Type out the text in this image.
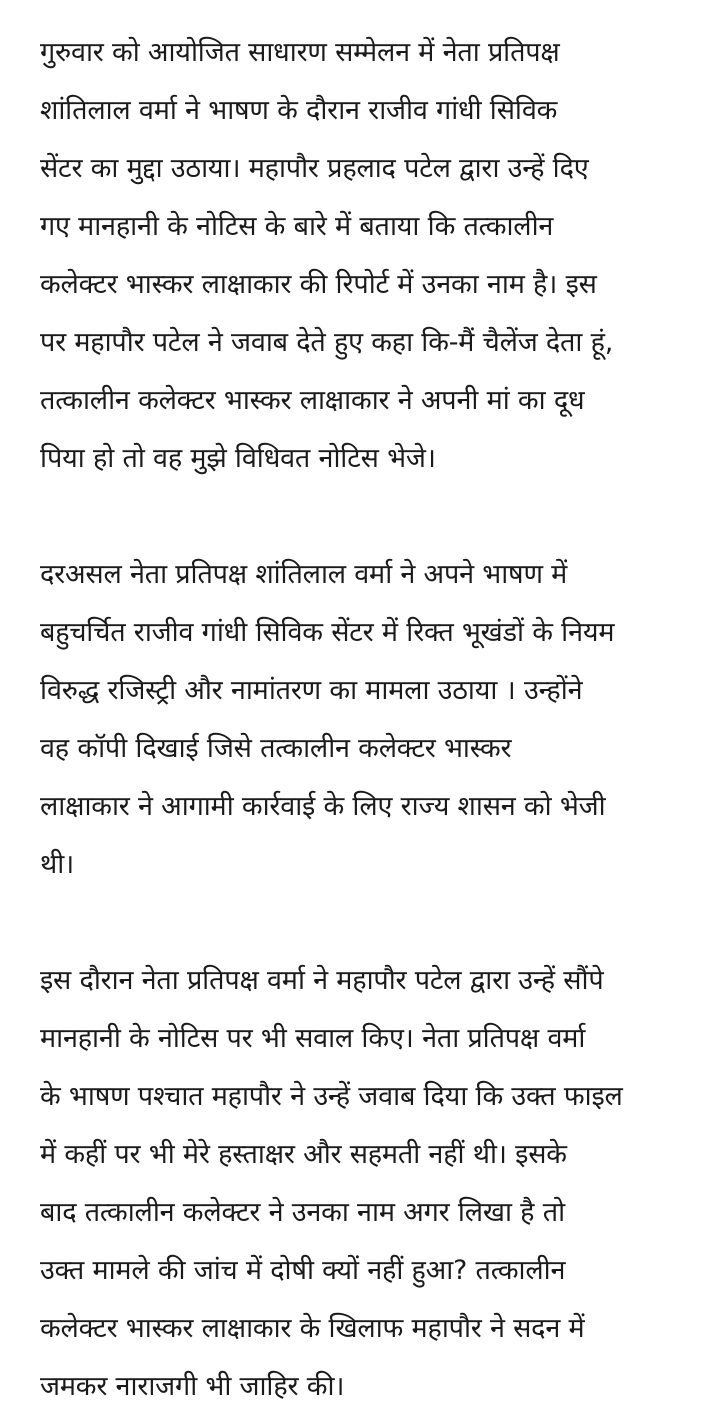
गुरुवार को आयोजित साधारण सम्मेलन में नेता प्रतिपक्ष
शांतिलाल वर्मा ने भाषण के दौरान राजीव गांधी सिविक
सेंटर का मुद्दा उठाया। महापौर प्रहलाद पटेल द्वारा उन्हें दिए
गए मानहानी के नोटिस के बारे में बताया कि तत्कालीन
कलेक्टर भास्कर लाक्षाकार की रिपोर्ट में उनका नाम है। इस
पर महापौर पटेल ने जवाब देते हुए कहा कि-मैं चैलेंज देता हूं,
तत्कालीन कलेक्टर भास्कर लाक्षाकार ने अपनी मां का दूध
पिया हो तो वह मुझे विधिवत नोटिस भेजे।
दरअसल नेता प्रतिपक्ष शांतिलाल वर्मा ने अपने भाषण में
बहुचर्चित राजीव गांधी सिविक सेंटर में रिक्त भूखंडों के नियम
विरुद्ध रजिस्ट्री और नामांतरण का मामला उठाया । उन्होंने
वह कॉपी दिखाई जिसे तत्कालीन कलेक्टर भास्कर
लाक्षाकार ने आगामी कार्रवाई के लिए राज्य शासन को भेजी
थी।
इस दौरान नेता प्रतिपक्ष वर्मा ने महापौर पटेल द्वारा उन्हें सौंपे
मानहानी के नोटिस पर भी सवाल किए। नेता प्रतिपक्ष वर्मा
के भाषण पश्चात महापौर ने उन्हें जवाब दिया कि उक्त फाइल
में कहीं पर भी मेरे हस्ताक्षर और सहमती नहीं थी। इसके
बाद तत्कालीन कलेक्टर ने उनका नाम अगर लिखा है तो
उक्त मामले की जांच में दोषी क्यों नहीं हुआ? तत्कालीन
कलेक्टर भास्कर लाक्षाकार के खिलाफ महापौर ने सदन में
जमकर नाराजगी भी जाहिर की।
